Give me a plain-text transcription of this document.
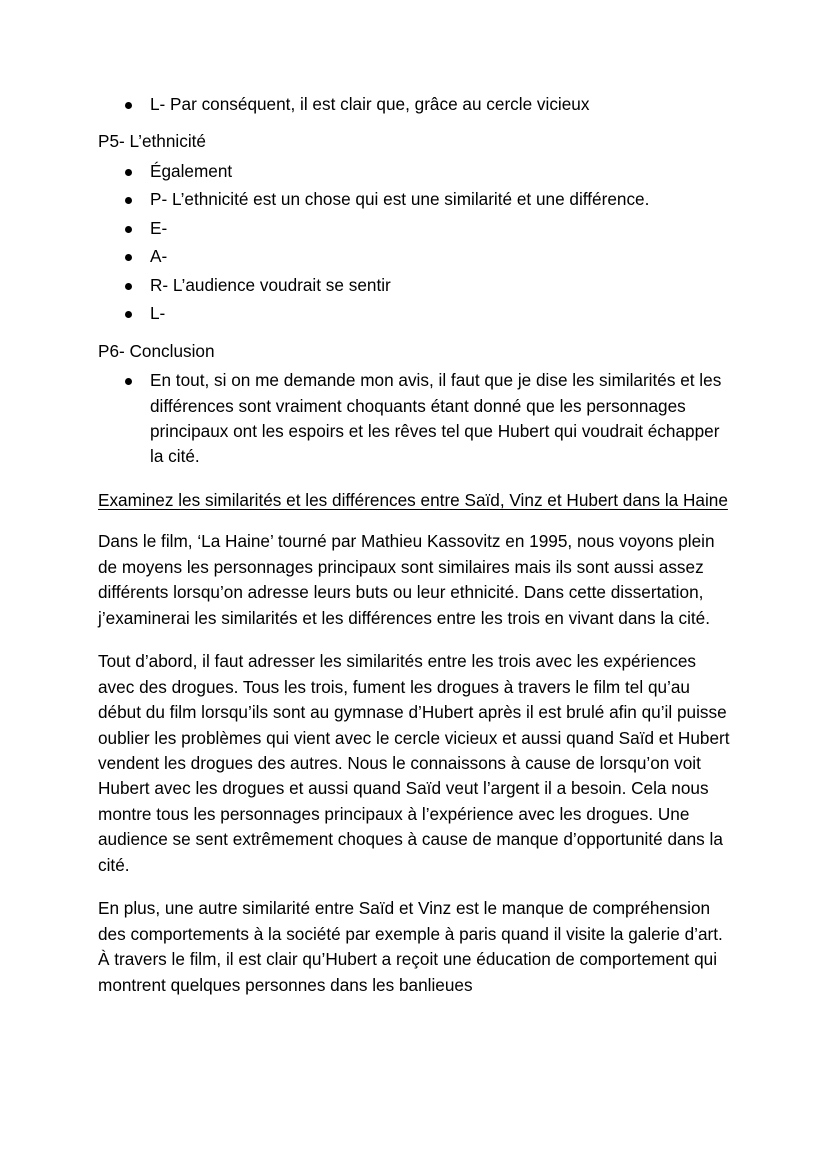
L- Par conséquent, il est clair que, grâce au cercle vicieux

P5- L’ethnicité

Également
P- L’ethnicité est un chose qui est une similarité et une différence.
E-
A-
R- L’audience voudrait se sentir
L-

P6- Conclusion

En tout, si on me demande mon avis, il faut que je dise les similarités et les différences sont vraiment choquants étant donné que les personnages principaux ont les espoirs et les rêves tel que Hubert qui voudrait échapper la cité.

Examinez les similarités et les différences entre Saïd, Vinz et Hubert dans la Haine

Dans le film, ‘La Haine’ tourné par Mathieu Kassovitz en 1995, nous voyons plein de moyens les personnages principaux sont similaires mais ils sont aussi assez différents lorsqu’on adresse leurs buts ou leur ethnicité. Dans cette dissertation, j’examinerai les similarités et les différences entre les trois en vivant dans la cité.

Tout d’abord, il faut adresser les similarités entre les trois avec les expériences avec des drogues. Tous les trois, fument les drogues à travers le film tel qu’au début du film lorsqu’ils sont au gymnase d’Hubert après il est brulé afin qu’il puisse oublier les problèmes qui vient avec le cercle vicieux et aussi quand Saïd et Hubert vendent les drogues des autres. Nous le connaissons à cause de lorsqu’on voit Hubert avec les drogues et aussi quand Saïd veut l’argent il a besoin. Cela nous montre tous les personnages principaux à l’expérience avec les drogues. Une audience se sent extrêmement choques à cause de manque d’opportunité dans la cité.

En plus, une autre similarité entre Saïd et Vinz est le manque de compréhension des comportements à la société par exemple à paris quand il visite la galerie d’art. À travers le film, il est clair qu’Hubert a reçoit une éducation de comportement qui montrent quelques personnes dans les banlieues
